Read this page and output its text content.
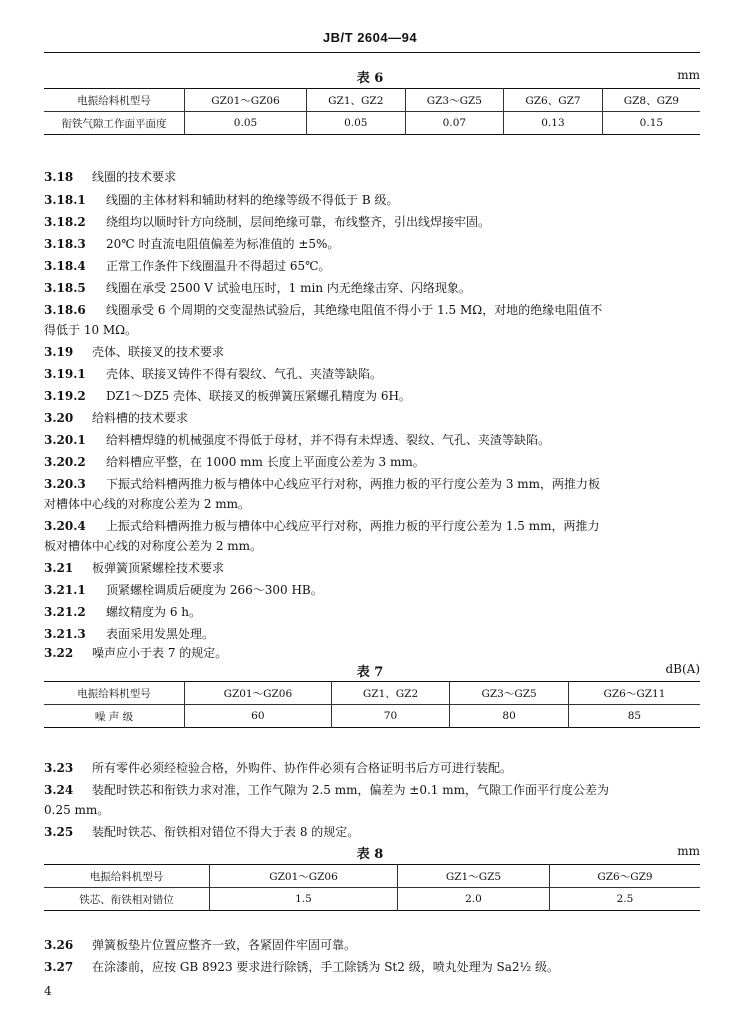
JB/T 2604—94
表 6	mm
电振给料机型号	GZ01～GZ06	GZ1、GZ2	GZ3～GZ5	GZ6、GZ7	GZ8、GZ9
衔铁气隙工作面平面度	0.05	0.05	0.07	0.13	0.15
3.18 线圈的技术要求
3.18.1 线圈的主体材料和辅助材料的绝缘等级不得低于 B 级。
3.18.2 绕组均以顺时针方向绕制，层间绝缘可靠，布线整齐，引出线焊接牢固。
3.18.3 20℃ 时直流电阻值偏差为标准值的 ±5%。
3.18.4 正常工作条件下线圈温升不得超过 65℃。
3.18.5 线圈在承受 2500 V 试验电压时，1 min 内无绝缘击穿、闪络现象。
3.18.6 线圈承受 6 个周期的交变湿热试验后，其绝缘电阻值不得小于 1.5 MΩ，对地的绝缘电阻值不
得低于 10 MΩ。
3.19 壳体、联接叉的技术要求
3.19.1 壳体、联接叉铸件不得有裂纹、气孔、夹渣等缺陷。
3.19.2 DZ1～DZ5 壳体、联接叉的板弹簧压紧螺孔精度为 6H。
3.20 给料槽的技术要求
3.20.1 给料槽焊缝的机械强度不得低于母材，并不得有未焊透、裂纹、气孔、夹渣等缺陷。
3.20.2 给料槽应平整，在 1000 mm 长度上平面度公差为 3 mm。
3.20.3 下振式给料槽两推力板与槽体中心线应平行对称，两推力板的平行度公差为 3 mm，两推力板
对槽体中心线的对称度公差为 2 mm。
3.20.4 上振式给料槽两推力板与槽体中心线应平行对称，两推力板的平行度公差为 1.5 mm，两推力
板对槽体中心线的对称度公差为 2 mm。
3.21 板弹簧顶紧螺栓技术要求
3.21.1 顶紧螺栓调质后硬度为 266～300 HB。
3.21.2 螺纹精度为 6 h。
3.21.3 表面采用发黑处理。
3.22 噪声应小于表 7 的规定。
表 7	dB(A)
电振给料机型号	GZ01～GZ06	GZ1、GZ2	GZ3～GZ5	GZ6～GZ11
噪 声 级	60	70	80	85
3.23 所有零件必须经检验合格，外购件、协作件必须有合格证明书后方可进行装配。
3.24 装配时铁芯和衔铁力求对准，工作气隙为 2.5 mm，偏差为 ±0.1 mm，气隙工作面平行度公差为
0.25 mm。
3.25 装配时铁芯、衔铁相对错位不得大于表 8 的规定。
表 8	mm
电振给料机型号	GZ01～GZ06	GZ1～GZ5	GZ6～GZ9
铁芯、衔铁相对错位	1.5	2.0	2.5
3.26 弹簧板垫片位置应整齐一致，各紧固件牢固可靠。
3.27 在涂漆前，应按 GB 8923 要求进行除锈，手工除锈为 St2 级，喷丸处理为 Sa2½ 级。
4
